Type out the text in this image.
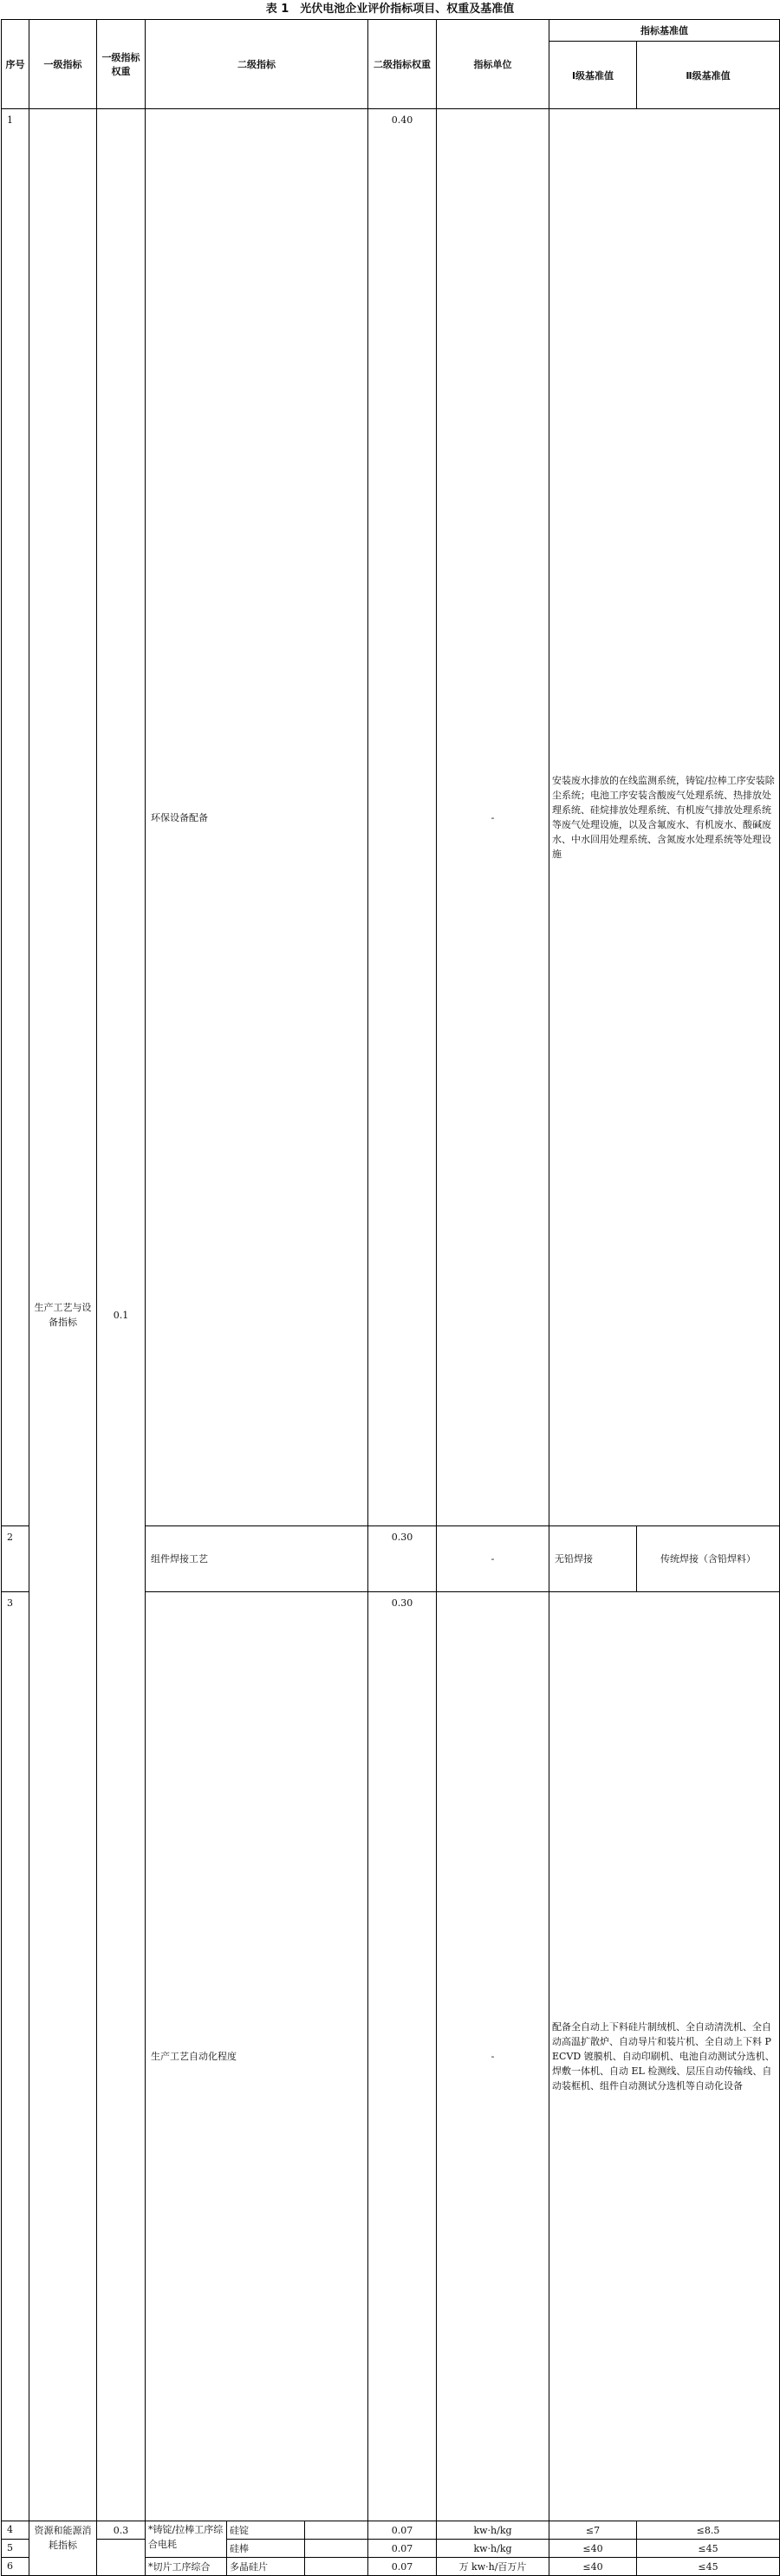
表 1　光伏电池企业评价指标项目、权重及基准值
序号	一级指标	一级指标权重	二级指标			二级指标权重	指标单位	指标基准值		
								Ⅰ级基准值	Ⅱ级基准值	
1	生产工艺与设备指标	0.1	环保设备配备			0.40	-	安装废水排放的在线监测系统，铸锭/拉棒工序安装除尘系统；电池工序安装含酸废气处理系统、热排放处理系统、硅烷排放处理系统、有机废气排放处理系统等废气处理设施，以及含氟废水、有机废水、酸碱废水、中水回用处理系统、含氮废水处理系统等处理设施	
2			组件焊接工艺			0.30	-	无铅焊接	传统焊接（含铅焊料）	
3			生产工艺自动化程度			0.30	-	配备全自动上下料硅片制绒机、全自动清洗机、全自动高温扩散炉、自动导片和装片机、全自动上下料 PECVD 镀膜机、自动印刷机、电池自动测试分选机、焊敷一体机、自动 EL 检测线、层压自动传输线、自动装框机、组件自动测试分选机等自动化设备	
4	资源和能源消耗指标	0.3	*铸锭/拉棒工序综合电耗	硅锭		0.07	kw·h/kg	≤7	≤8.5	
5				硅棒		0.07	kw·h/kg	≤40	≤45	
6			*切片工序综合	多晶硅片		0.07	万 kw·h/百万片	≤40	≤45	
